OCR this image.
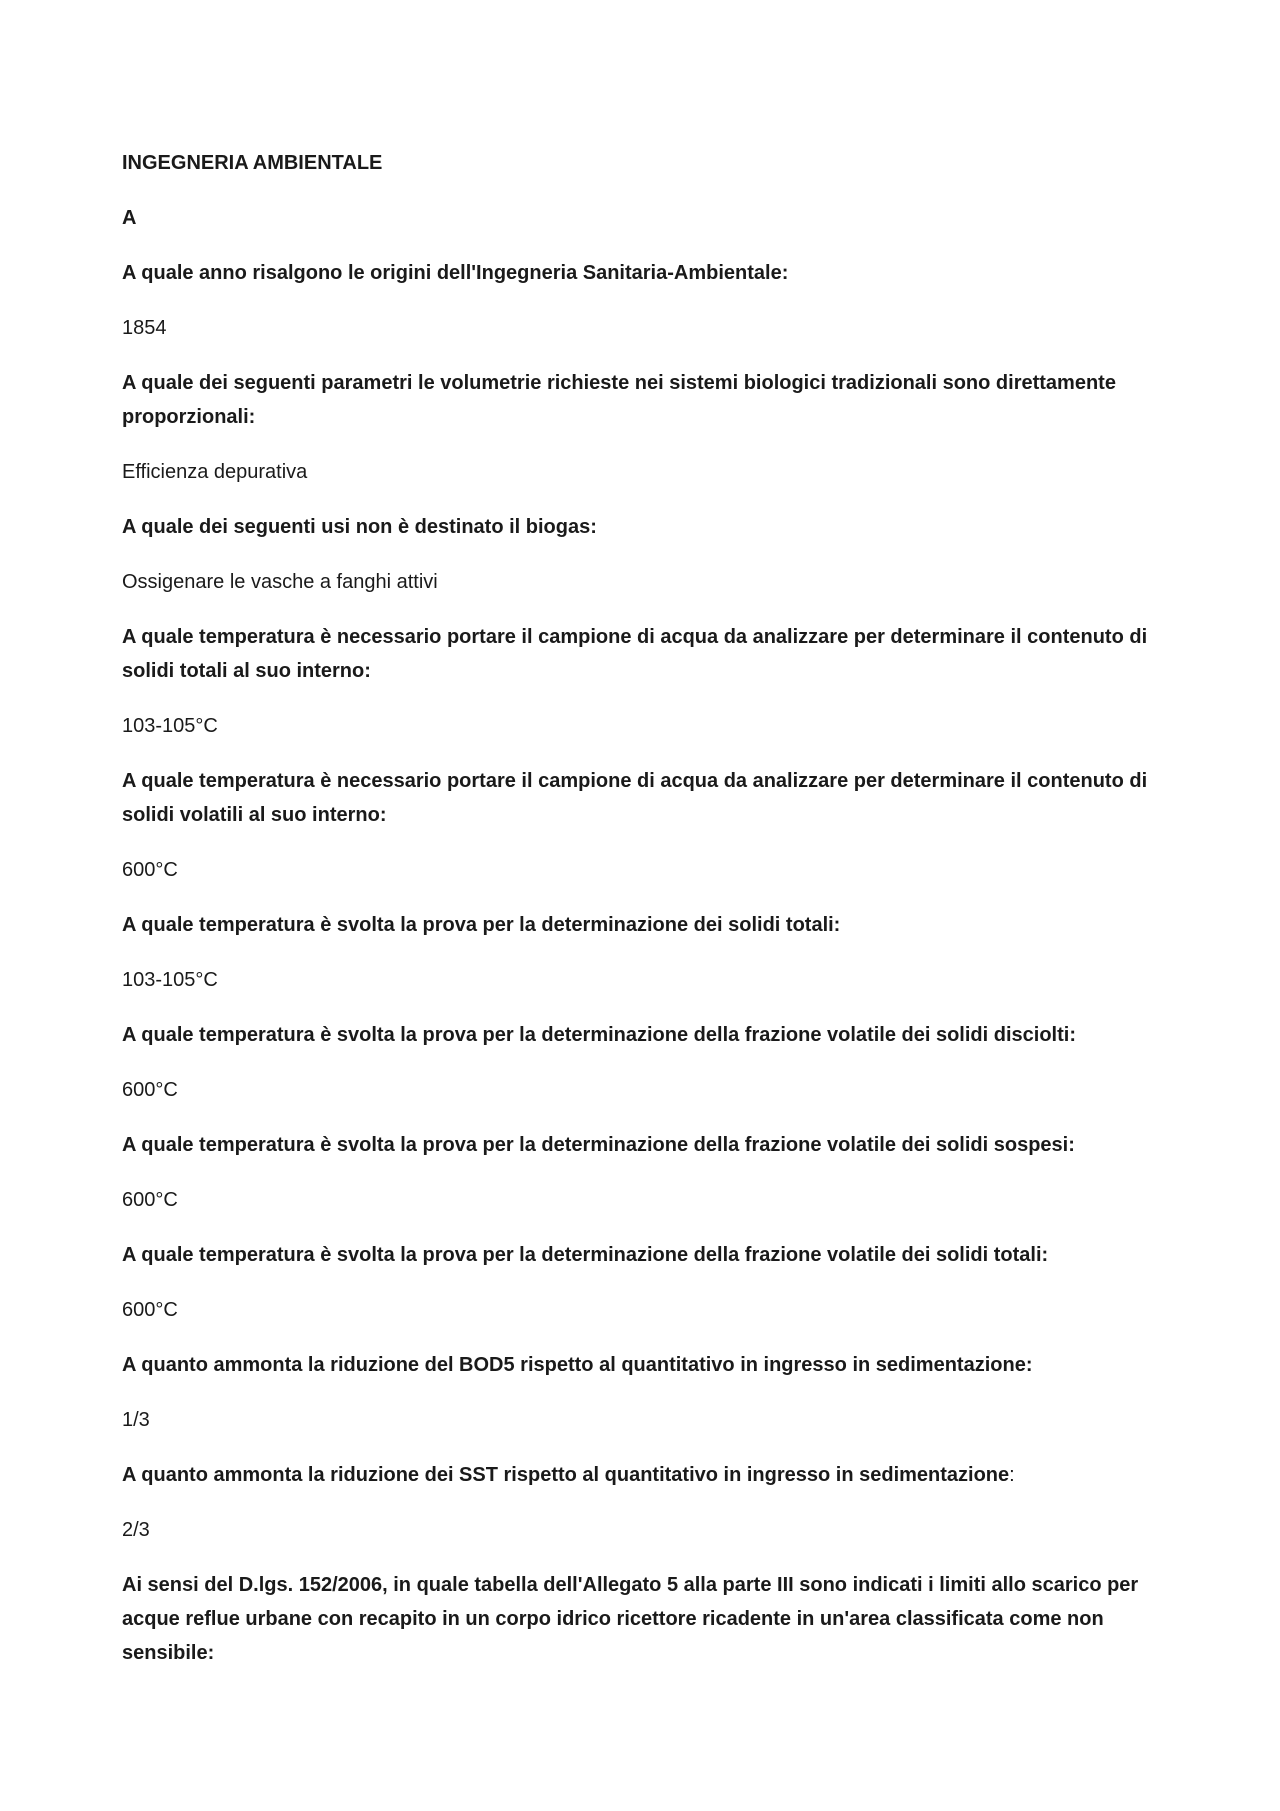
INGEGNERIA AMBIENTALE
A
A quale anno risalgono le origini dell'Ingegneria Sanitaria-Ambientale:
1854
A quale dei seguenti parametri le volumetrie richieste nei sistemi biologici tradizionali sono direttamente proporzionali:
Efficienza depurativa
A quale dei seguenti usi non è destinato il biogas:
Ossigenare le vasche a fanghi attivi
A quale temperatura è necessario portare il campione di acqua da analizzare per determinare il contenuto di solidi totali al suo interno:
103-105°C
A quale temperatura è necessario portare il campione di acqua da analizzare per determinare il contenuto di solidi volatili al suo interno:
600°C
A quale temperatura è svolta la prova per la determinazione dei solidi totali:
103-105°C
A quale temperatura è svolta la prova per la determinazione della frazione volatile dei solidi disciolti:
600°C
A quale temperatura è svolta la prova per la determinazione della frazione volatile dei solidi sospesi:
600°C
A quale temperatura è svolta la prova per la determinazione della frazione volatile dei solidi totali:
600°C
A quanto ammonta la riduzione del BOD5 rispetto al quantitativo in ingresso in sedimentazione:
1/3
A quanto ammonta la riduzione dei SST rispetto al quantitativo in ingresso in sedimentazione:
2/3
Ai sensi del D.lgs. 152/2006, in quale tabella dell'Allegato 5 alla parte III sono indicati i limiti allo scarico per acque reflue urbane con recapito in un corpo idrico ricettore ricadente in un'area classificata come non sensibile:
